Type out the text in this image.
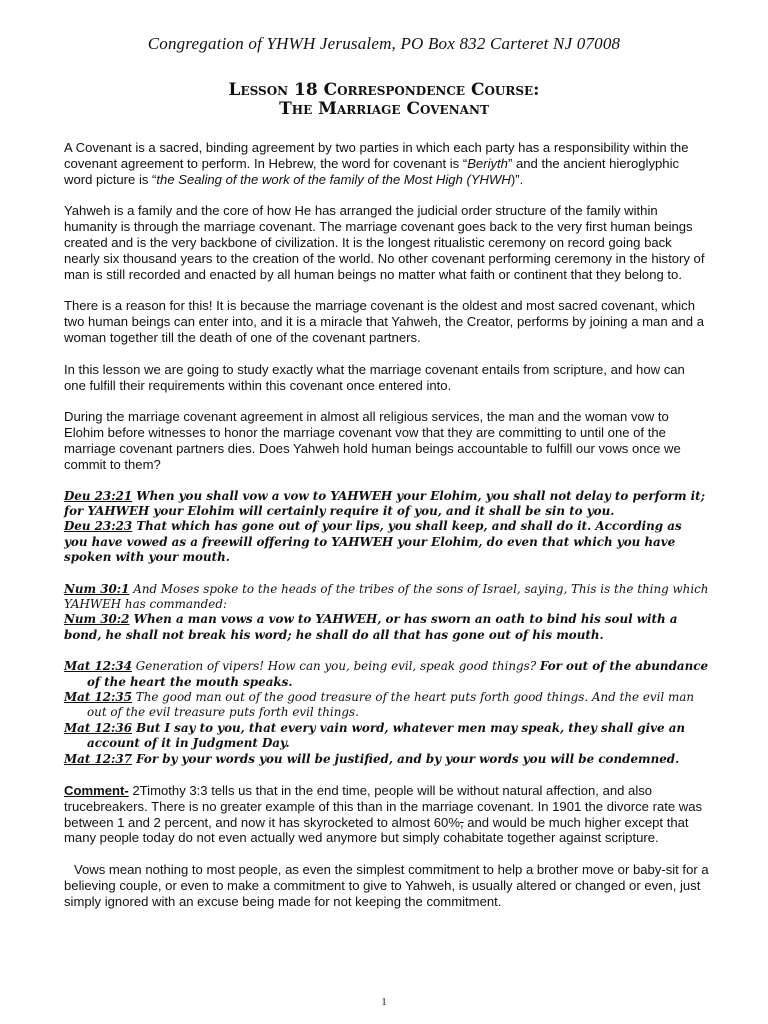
Congregation of YHWH Jerusalem, PO Box 832 Carteret NJ 07008
Lesson 18 Correspondence Course:
The Marriage Covenant

A Covenant is a sacred, binding agreement by two parties in which each party has a responsibility within the covenant agreement to perform. In Hebrew, the word for covenant is “Beriyth” and the ancient hieroglyphic word picture is “the Sealing of the work of the family of the Most High (YHWH)”.

Yahweh is a family and the core of how He has arranged the judicial order structure of the family within humanity is through the marriage covenant. The marriage covenant goes back to the very first human beings created and is the very backbone of civilization. It is the longest ritualistic ceremony on record going back nearly six thousand years to the creation of the world. No other covenant performing ceremony in the history of man is still recorded and enacted by all human beings no matter what faith or continent that they belong to.

There is a reason for this! It is because the marriage covenant is the oldest and most sacred covenant, which two human beings can enter into, and it is a miracle that Yahweh, the Creator, performs by joining a man and a woman together till the death of one of the covenant partners.

In this lesson we are going to study exactly what the marriage covenant entails from scripture, and how can one fulfill their requirements within this covenant once entered into.

During the marriage covenant agreement in almost all religious services, the man and the woman vow to Elohim before witnesses to honor the marriage covenant vow that they are committing to until one of the marriage covenant partners dies. Does Yahweh hold human beings accountable to fulfill our vows once we commit to them?

Deu 23:21 When you shall vow a vow to YAHWEH your Elohim, you shall not delay to perform it; for YAHWEH your Elohim will certainly require it of you, and it shall be sin to you.
Deu 23:23 That which has gone out of your lips, you shall keep, and shall do it. According as you have vowed as a freewill offering to YAHWEH your Elohim, do even that which you have spoken with your mouth.
Num 30:1 And Moses spoke to the heads of the tribes of the sons of Israel, saying, This is the thing which YAHWEH has commanded:
Num 30:2 When a man vows a vow to YAHWEH, or has sworn an oath to bind his soul with a bond, he shall not break his word; he shall do all that has gone out of his mouth.
Mat 12:34 Generation of vipers! How can you, being evil, speak good things? For out of the abundance of the heart the mouth speaks.
Mat 12:35 The good man out of the good treasure of the heart puts forth good things. And the evil man out of the evil treasure puts forth evil things.
Mat 12:36 But I say to you, that every vain word, whatever men may speak, they shall give an account of it in Judgment Day.
Mat 12:37 For by your words you will be justified, and by your words you will be condemned.

Comment- 2Timothy 3:3 tells us that in the end time, people will be without natural affection, and also trucebreakers. There is no greater example of this than in the marriage covenant. In 1901 the divorce rate was between 1 and 2 percent, and now it has skyrocketed to almost 60%, and would be much higher except that many people today do not even actually wed anymore but simply cohabitate together against scripture.

Vows mean nothing to most people, as even the simplest commitment to help a brother move or baby-sit for a believing couple, or even to make a commitment to give to Yahweh, is usually altered or changed or even, just simply ignored with an excuse being made for not keeping the commitment.

1
